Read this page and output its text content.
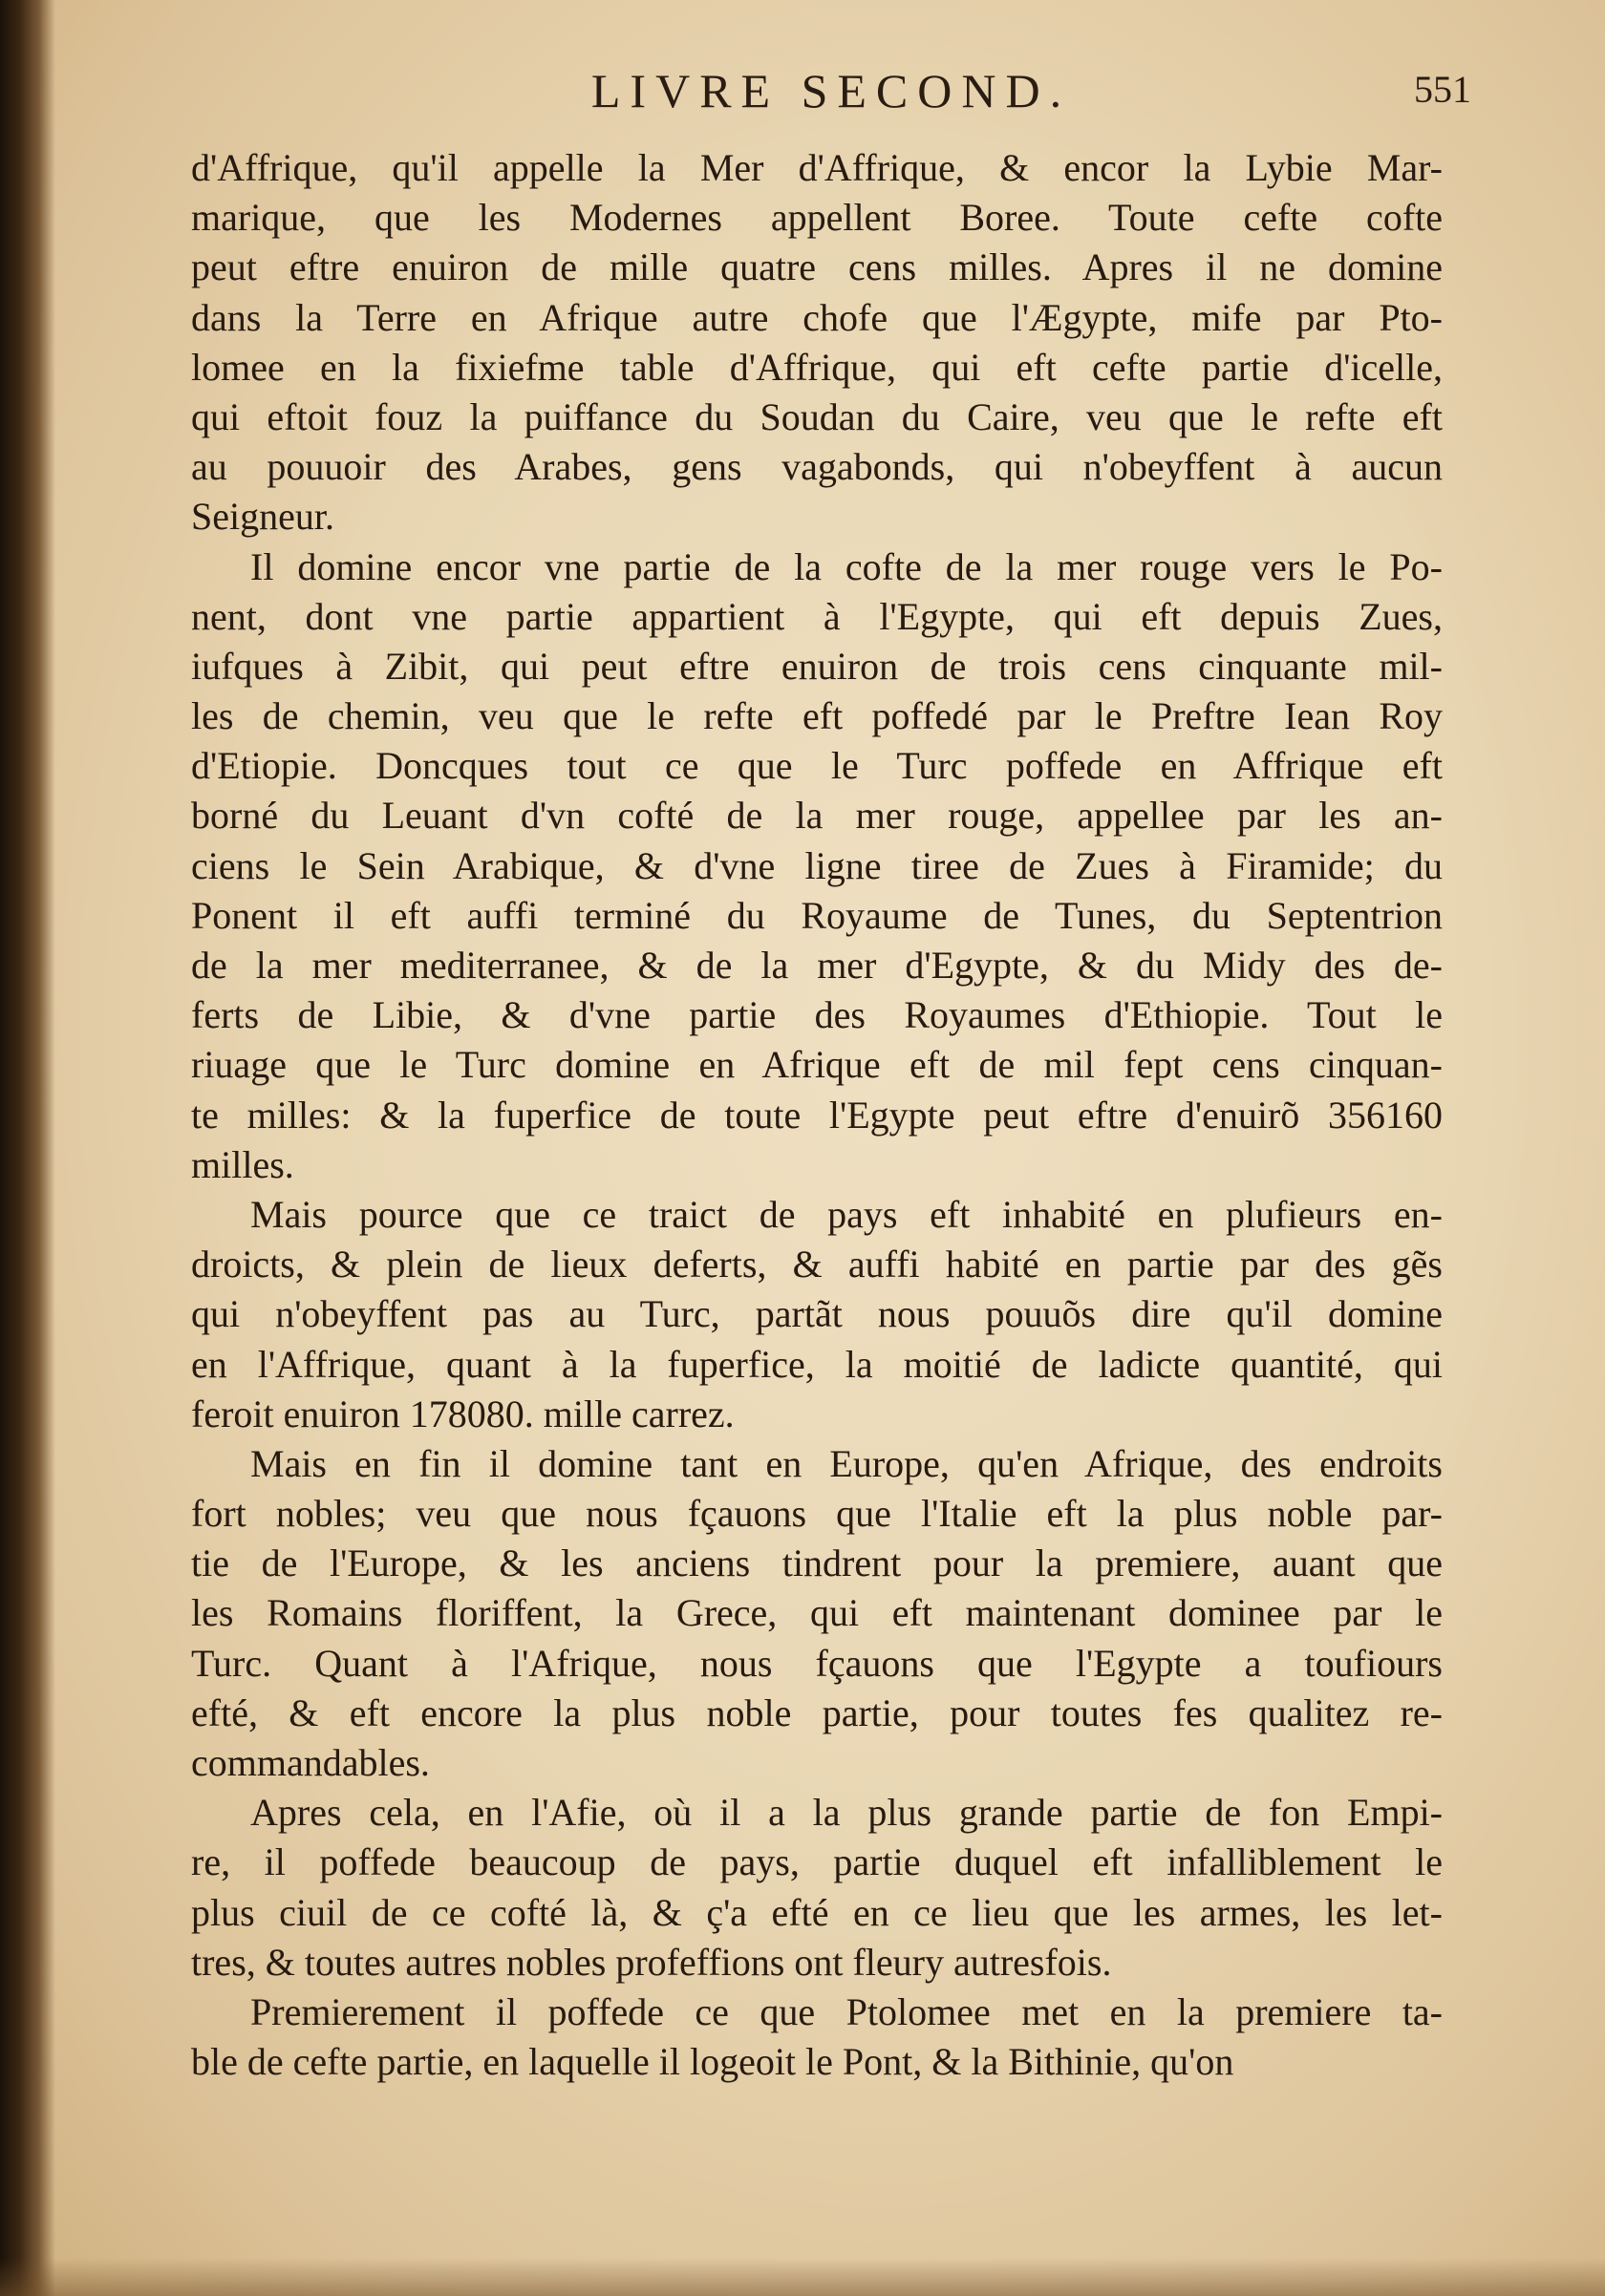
LIVRE SECOND.	551
d'Affrique, qu'il appelle la Mer d'Affrique, & encor la Lybie Mar-
marique, que les Modernes appellent Boree. Toute cefte cofte
peut eftre enuiron de mille quatre cens milles. Apres il ne domine
dans la Terre en Afrique autre chofe que l'Ægypte, mife par Pto-
lomee en la fixiefme table d'Affrique, qui eft cefte partie d'icelle,
qui eftoit fouz la puiffance du Soudan du Caire, veu que le refte eft
au pouuoir des Arabes, gens vagabonds, qui n'obeyffent à aucun
Seigneur.
Il domine encor vne partie de la cofte de la mer rouge vers le Po-
nent, dont vne partie appartient à l'Egypte, qui eft depuis Zues,
iufques à Zibit, qui peut eftre enuiron de trois cens cinquante mil-
les de chemin, veu que le refte eft poffedé par le Preftre Iean Roy
d'Etiopie. Doncques tout ce que le Turc poffede en Affrique eft
borné du Leuant d'vn cofté de la mer rouge, appellee par les an-
ciens le Sein Arabique, & d'vne ligne tiree de Zues à Firamide; du
Ponent il eft auffi terminé du Royaume de Tunes, du Septentrion
de la mer mediterranee, & de la mer d'Egypte, & du Midy des de-
ferts de Libie, & d'vne partie des Royaumes d'Ethiopie. Tout le
riuage que le Turc domine en Afrique eft de mil fept cens cinquan-
te milles: & la fuperfice de toute l'Egypte peut eftre d'enuirõ 356160
milles.
Mais pource que ce traict de pays eft inhabité en plufieurs en-
droicts, & plein de lieux deferts, & auffi habité en partie par des gẽs
qui n'obeyffent pas au Turc, partãt nous pouuõs dire qu'il domine
en l'Affrique, quant à la fuperfice, la moitié de ladicte quantité, qui
feroit enuiron 178080. mille carrez.
Mais en fin il domine tant en Europe, qu'en Afrique, des endroits
fort nobles; veu que nous fçauons que l'Italie eft la plus noble par-
tie de l'Europe, & les anciens tindrent pour la premiere, auant que
les Romains floriffent, la Grece, qui eft maintenant dominee par le
Turc. Quant à l'Afrique, nous fçauons que l'Egypte a toufiours
efté, & eft encore la plus noble partie, pour toutes fes qualitez re-
commandables.
Apres cela, en l'Afie, où il a la plus grande partie de fon Empi-
re, il poffede beaucoup de pays, partie duquel eft infalliblement le
plus ciuil de ce cofté là, & ç'a efté en ce lieu que les armes, les let-
tres, & toutes autres nobles profeffions ont fleury autresfois.
Premierement il poffede ce que Ptolomee met en la premiere ta-
ble de cefte partie, en laquelle il logeoit le Pont, & la Bithinie, qu'on
